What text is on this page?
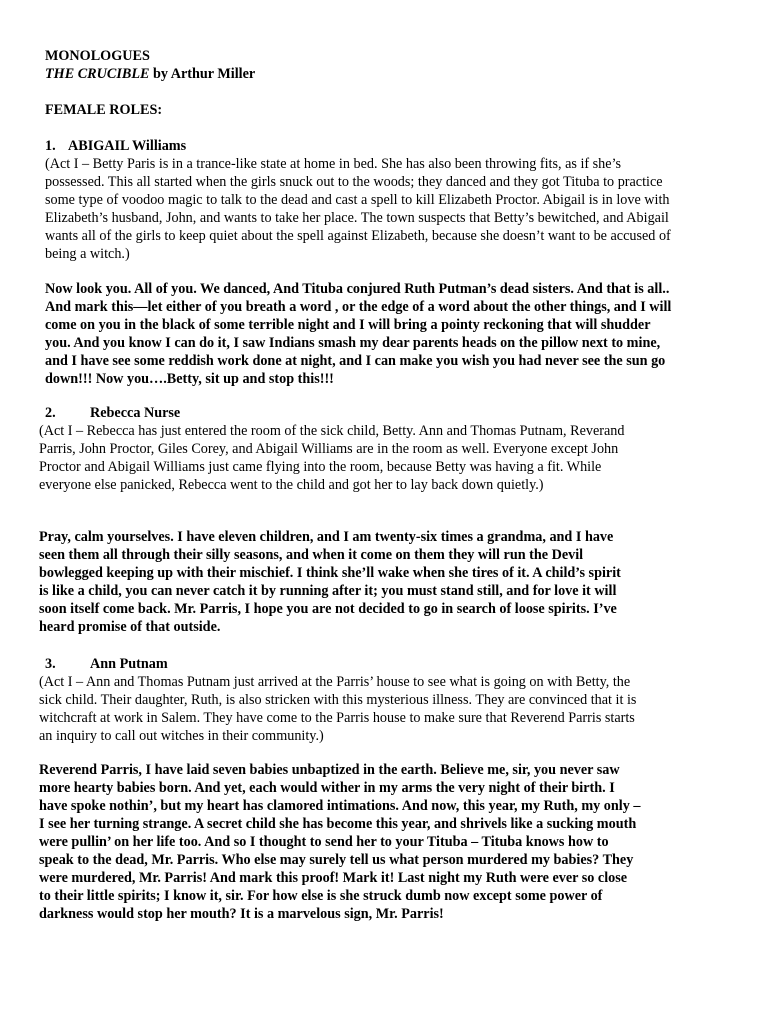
MONOLOGUES
THE CRUCIBLE by Arthur Miller
FEMALE ROLES:
1. ABIGAIL Williams

(Act I – Betty Paris is in a trance-like state at home in bed. She has also been throwing fits, as if she’s possessed. This all started when the girls snuck out to the woods; they danced and they got Tituba to practice some type of voodoo magic to talk to the dead and cast a spell to kill Elizabeth Proctor. Abigail is in love with Elizabeth’s husband, John, and wants to take her place. The town suspects that Betty’s bewitched, and Abigail wants all of the girls to keep quiet about the spell against Elizabeth, because she doesn’t want to be accused of being a witch.)

Now look you. All of you. We danced, And Tituba conjured Ruth Putman’s dead sisters. And that is all.. And mark this—let either of you breath a word , or the edge of a word about the other things, and I will come on you in the black of some terrible night and I will bring a pointy reckoning that will shudder you. And you know I can do it, I saw Indians smash my dear parents heads on the pillow next to mine, and I have see some reddish work done at night, and I can make you wish you had never see the sun go down!!! Now you….Betty, sit up and stop this!!!

2. Rebecca Nurse

(Act I – Rebecca has just entered the room of the sick child, Betty. Ann and Thomas Putnam, Reverand Parris, John Proctor, Giles Corey, and Abigail Williams are in the room as well. Everyone except John Proctor and Abigail Williams just came flying into the room, because Betty was having a fit. While everyone else panicked, Rebecca went to the child and got her to lay back down quietly.)

Pray, calm yourselves. I have eleven children, and I am twenty-six times a grandma, and I have seen them all through their silly seasons, and when it come on them they will run the Devil bowlegged keeping up with their mischief. I think she’ll wake when she tires of it. A child’s spirit is like a child, you can never catch it by running after it; you must stand still, and for love it will soon itself come back. Mr. Parris, I hope you are not decided to go in search of loose spirits. I’ve heard promise of that outside.

3. Ann Putnam

(Act I – Ann and Thomas Putnam just arrived at the Parris’ house to see what is going on with Betty, the sick child. Their daughter, Ruth, is also stricken with this mysterious illness. They are convinced that it is witchcraft at work in Salem. They have come to the Parris house to make sure that Reverend Parris starts an inquiry to call out witches in their community.)

Reverend Parris, I have laid seven babies unbaptized in the earth. Believe me, sir, you never saw more hearty babies born. And yet, each would wither in my arms the very night of their birth. I have spoke nothin’, but my heart has clamored intimations. And now, this year, my Ruth, my only – I see her turning strange. A secret child she has become this year, and shrivels like a sucking mouth were pullin’ on her life too. And so I thought to send her to your Tituba – Tituba knows how to speak to the dead, Mr. Parris. Who else may surely tell us what person murdered my babies? They were murdered, Mr. Parris! And mark this proof! Mark it! Last night my Ruth were ever so close to their little spirits; I know it, sir. For how else is she struck dumb now except some power of darkness would stop her mouth? It is a marvelous sign, Mr. Parris!
